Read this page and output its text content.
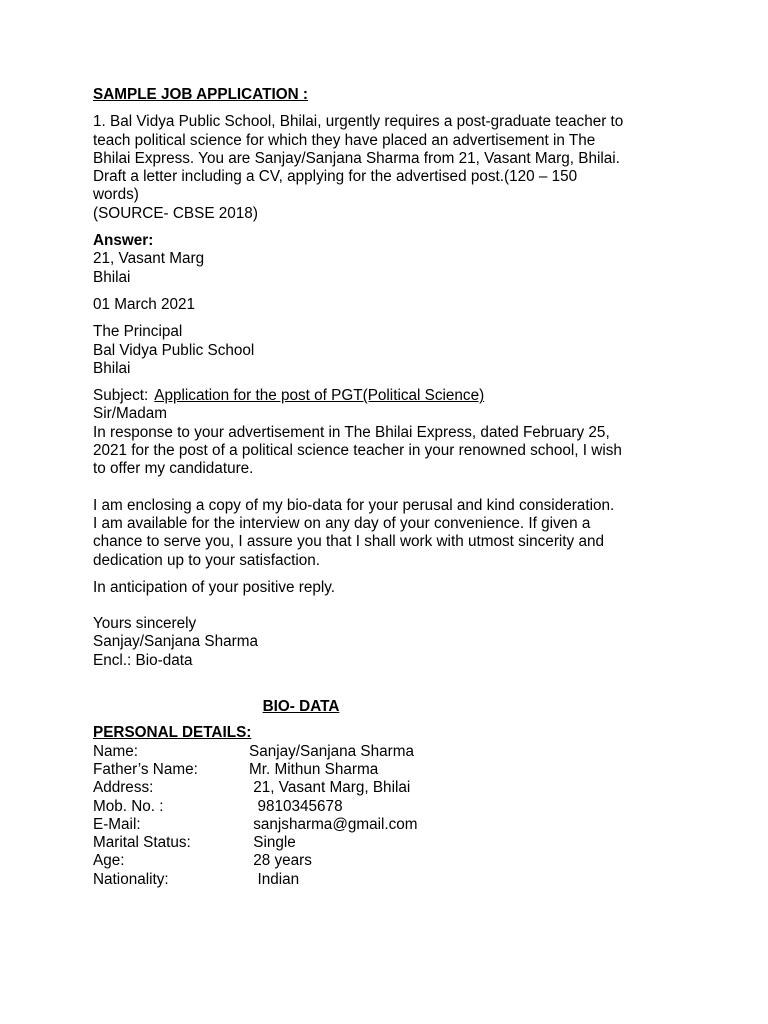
SAMPLE JOB APPLICATION :

1. Bal Vidya Public School, Bhilai, urgently requires a post-graduate teacher to

teach political science for which they have placed an advertisement in The

Bhilai Express. You are Sanjay/Sanjana Sharma from 21, Vasant Marg, Bhilai.

Draft a letter including a CV, applying for the advertised post.(120 – 150

words)

(SOURCE- CBSE 2018)

Answer:

21, Vasant Marg

Bhilai

01 March 2021

The Principal

Bal Vidya Public School

Bhilai

Subject: Application for the post of PGT(Political Science)

Sir/Madam

In response to your advertisement in The Bhilai Express, dated February 25,

2021 for the post of a political science teacher in your renowned school, I wish

to offer my candidature.

I am enclosing a copy of my bio-data for your perusal and kind consideration.

I am available for the interview on any day of your convenience. If given a

chance to serve you, I assure you that I shall work with utmost sincerity and

dedication up to your satisfaction.

In anticipation of your positive reply.

Yours sincerely

Sanjay/Sanjana Sharma

Encl.: Bio-data

BIO- DATA

PERSONAL DETAILS:

Name:	Sanjay/Sanjana Sharma
Father’s Name:	Mr. Mithun Sharma
Address:	21, Vasant Marg, Bhilai
Mob. No. :	9810345678
E-Mail:	sanjsharma@gmail.com
Marital Status:	Single
Age:	28 years
Nationality:	Indian
